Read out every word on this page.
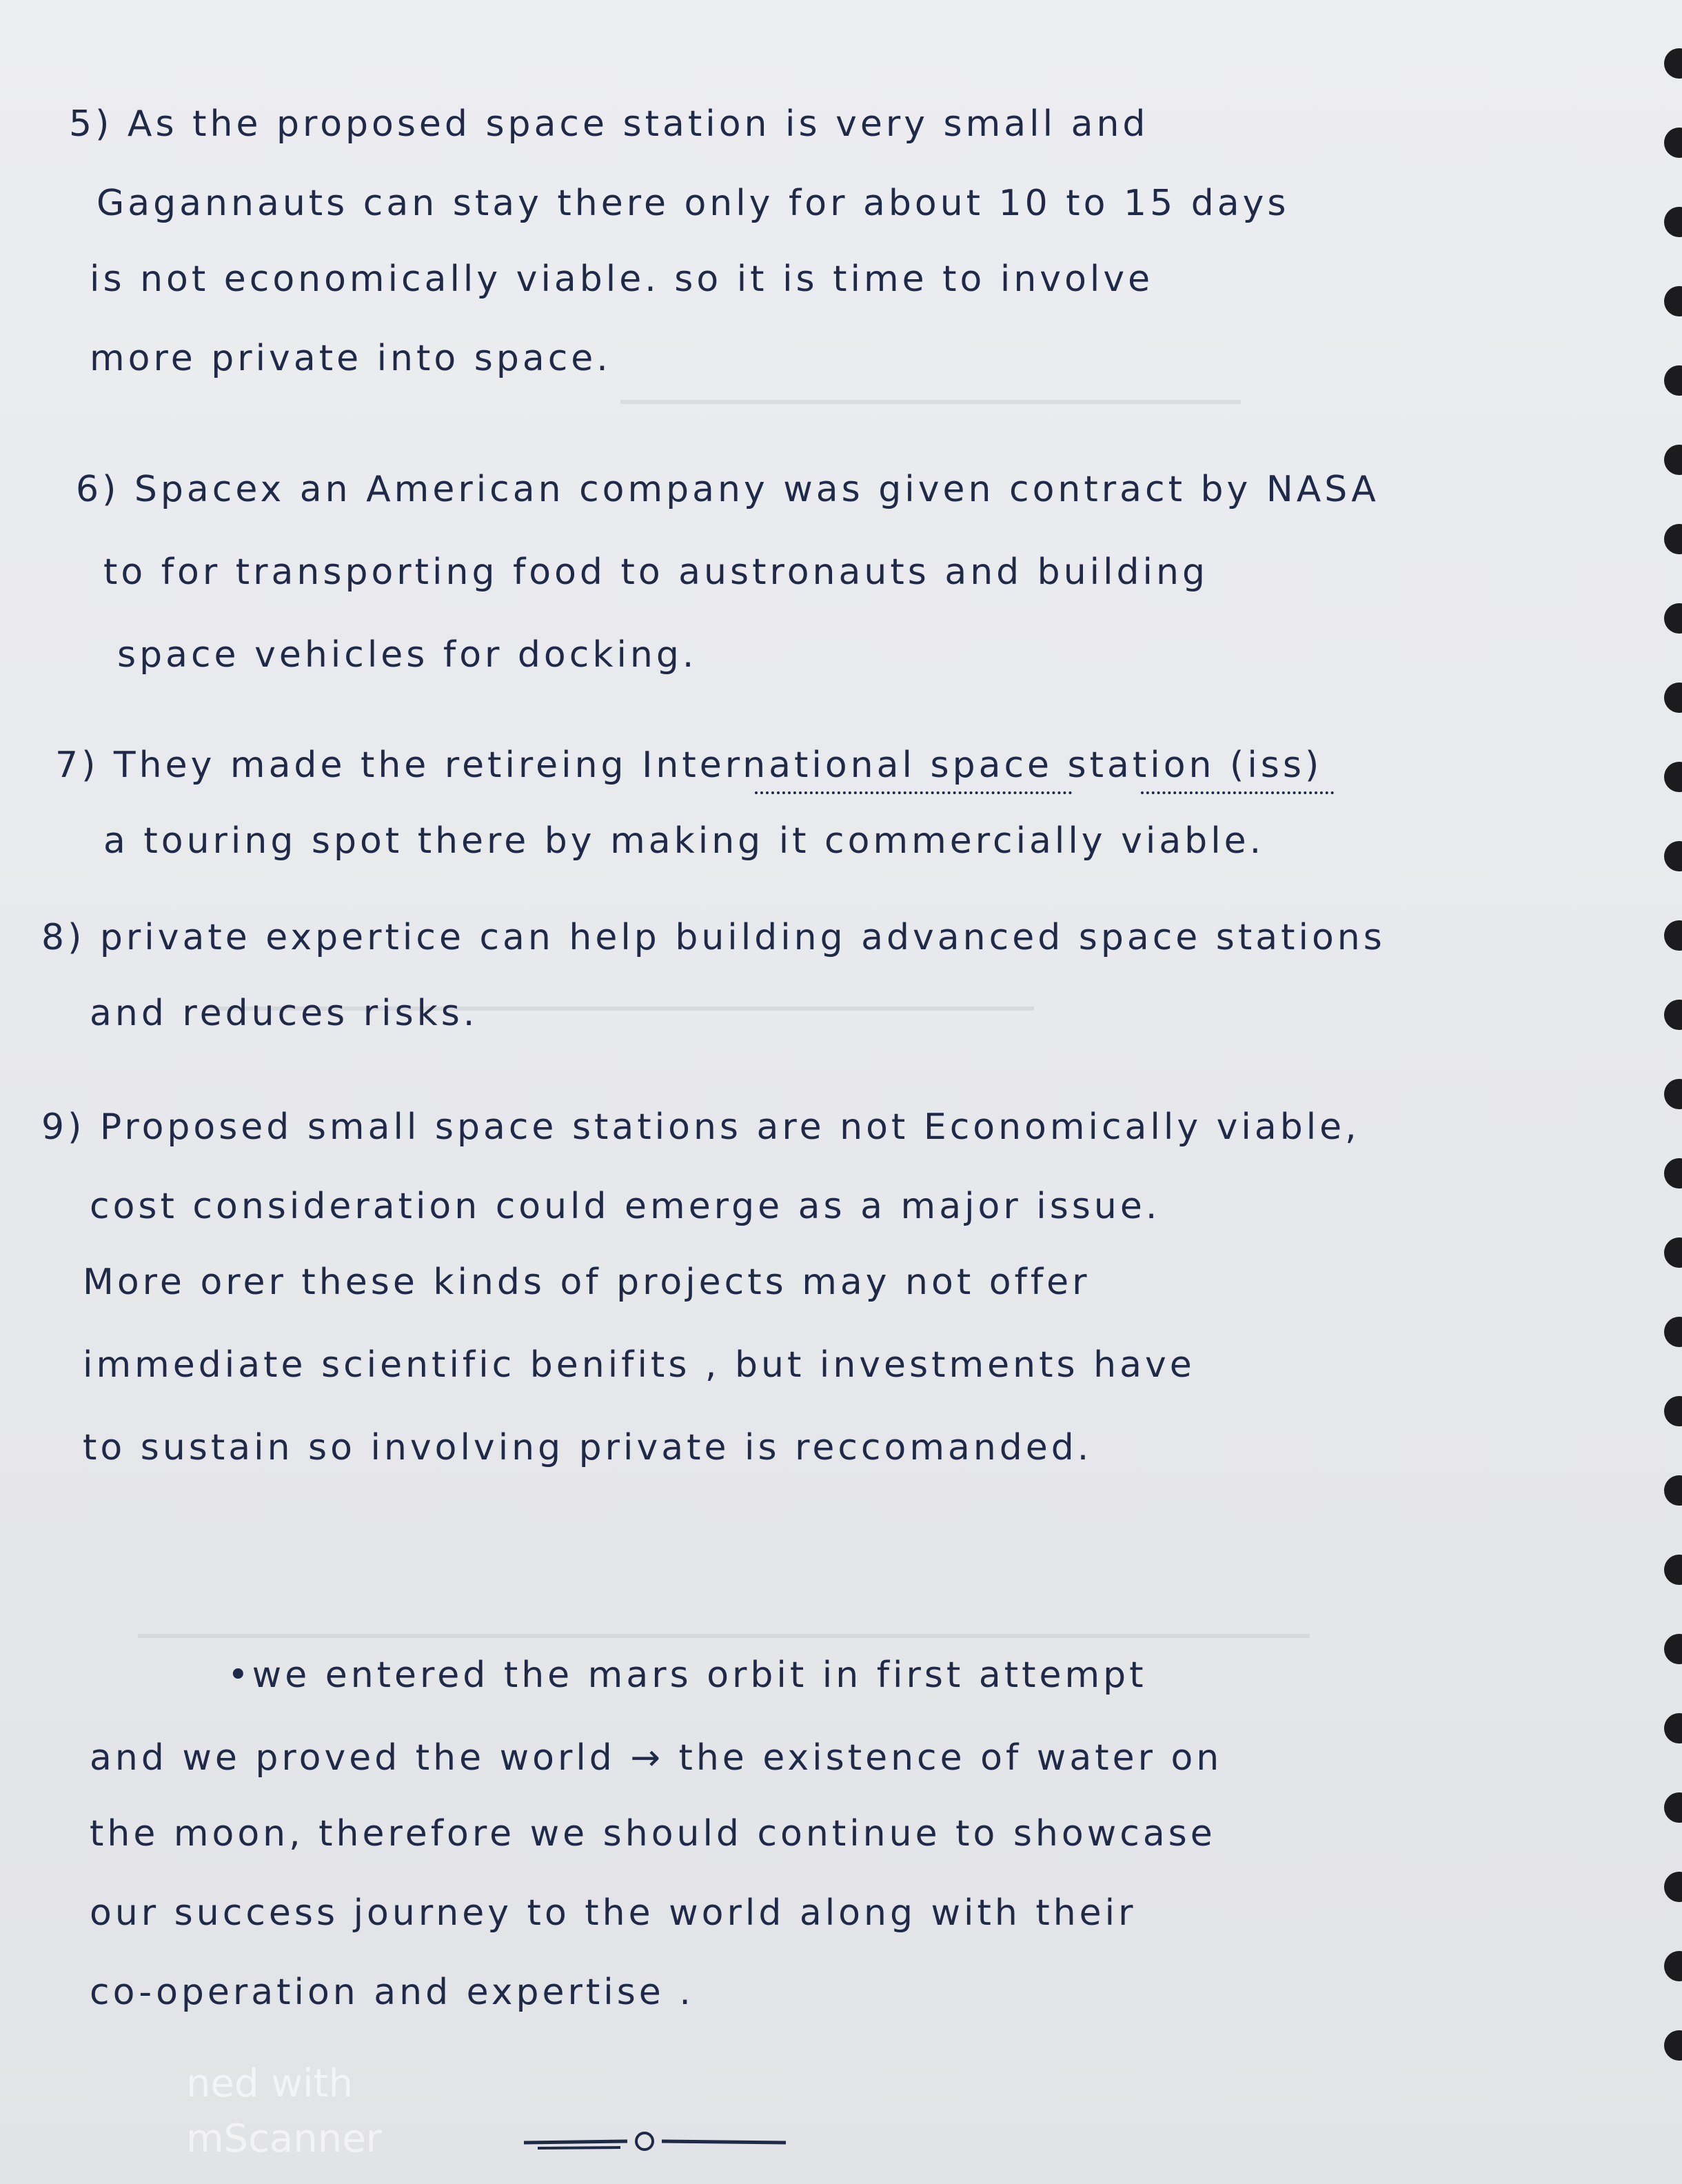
5) As the proposed space station is very small and
Gagannauts can stay there only for about 10 to 15 days
is not economically viable. so it is time to involve
more private into space.
6) Spacex an American company was given contract by NASA
to for transporting food to austronauts and building
space vehicles for docking.
7) They made the retireing International space station (iss)
a touring spot there by making it commercially viable.
8) private expertice can help building advanced space stations
and reduces risks.
9) Proposed small space stations are not Economically viable,
cost consideration could emerge as a major issue.
More orer these kinds of projects may not offer
immediate scientific benifits , but investments have
to sustain so involving private is reccomanded.
•we entered the mars orbit in first attempt
and we proved the world → the existence of water on
the moon, therefore we should continue to showcase
our success journey to the world along with their
co-operation and expertise .
ned with
mScanner
